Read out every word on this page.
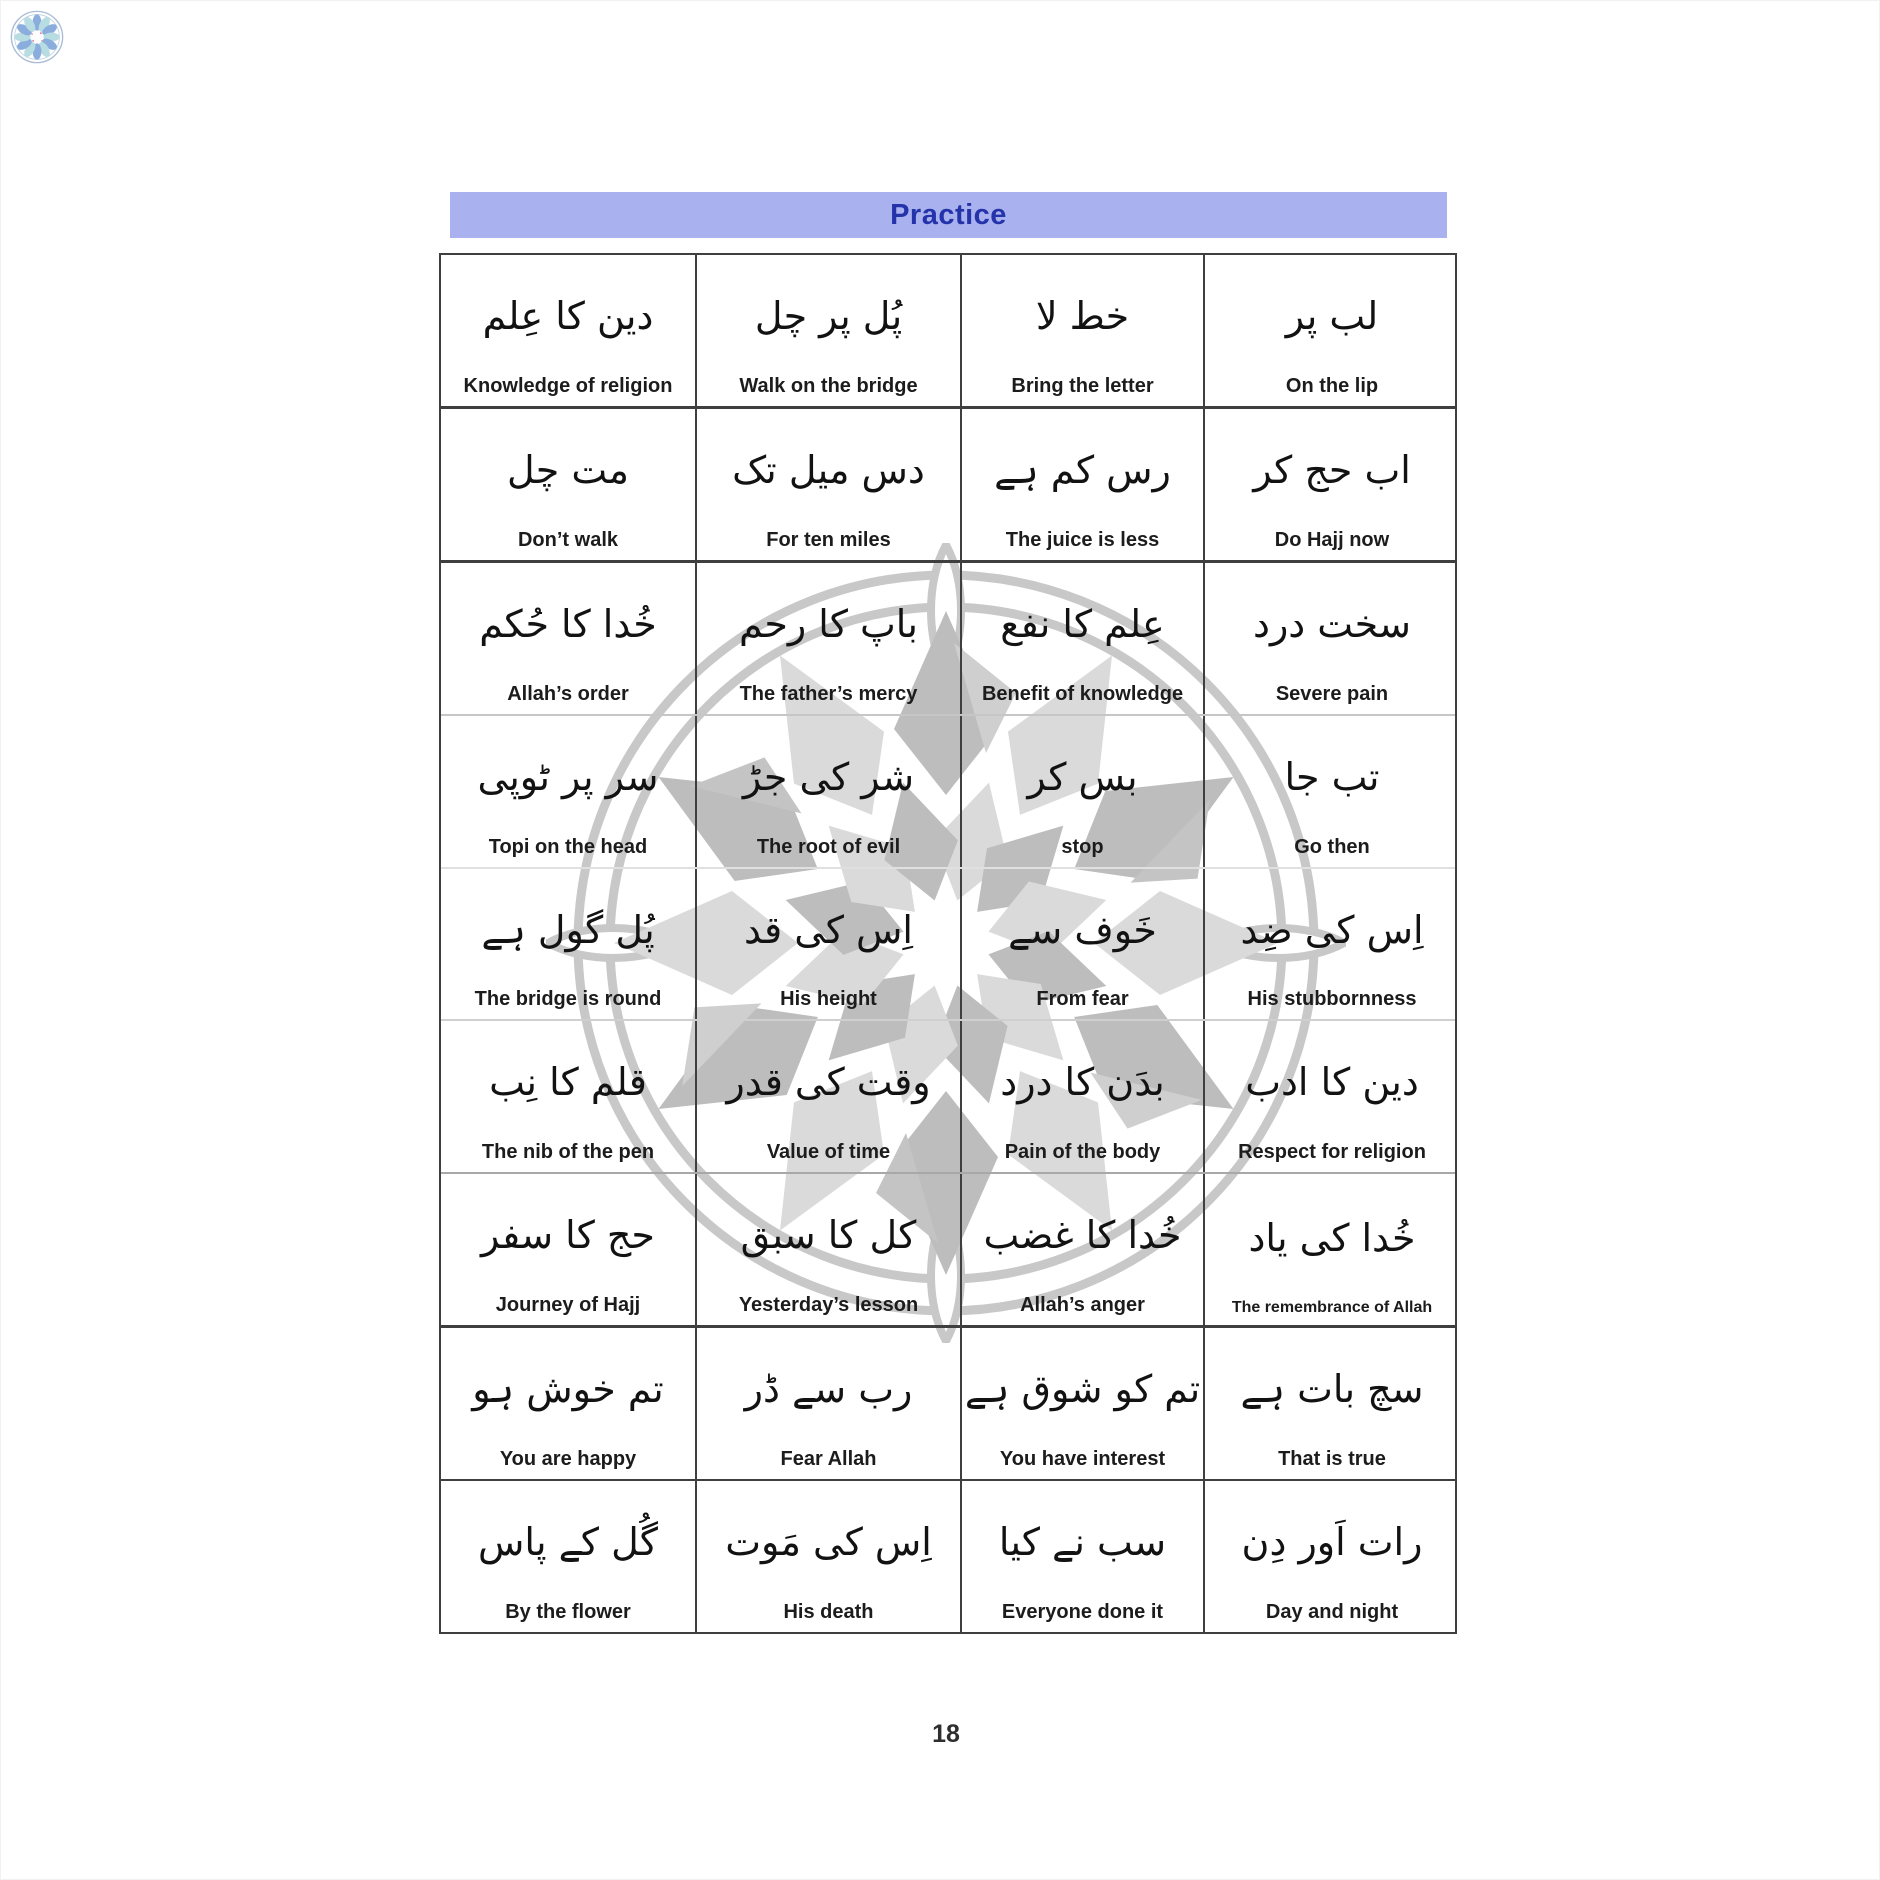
Practice
دین کا عِلم
Knowledge of religion
پُل پر چل
Walk on the bridge
خط لا
Bring the letter
لب پر
On the lip
مت چل
Don’t walk
دس میل تک
For ten miles
رس کم ہے
The juice is less
اب حج کر
Do Hajj now
خُدا کا حُکم
Allah’s order
باپ کا رحم
The father’s mercy
عِلم کا نفع
Benefit of knowledge
سخت درد
Severe pain
سر پر ٹوپی
Topi on the head
شر کی جڑ
The root of evil
بس کر
stop
تب جا
Go then
پُل گول ہے
The bridge is round
اِس کی قد
His height
خَوف سے
From fear
اِس کی ضِد
His stubbornness
قلم کا نِب
The nib of the pen
وقت کی قدر
Value of time
بدَن کا درد
Pain of the body
دین کا ادب
Respect for religion
حج کا سفر
Journey of Hajj
کل کا سبق
Yesterday’s lesson
خُدا کا غضب
Allah’s anger
خُدا کی یاد
The remembrance of Allah
تم خوش ہو
You are happy
رب سے ڈر
Fear Allah
تم کو شوق ہے
You have interest
سچ بات ہے
That is true
گُل کے پاس
By the flower
اِس کی مَوت
His death
سب نے کیا
Everyone done it
رات اَور دِن
Day and night
18
